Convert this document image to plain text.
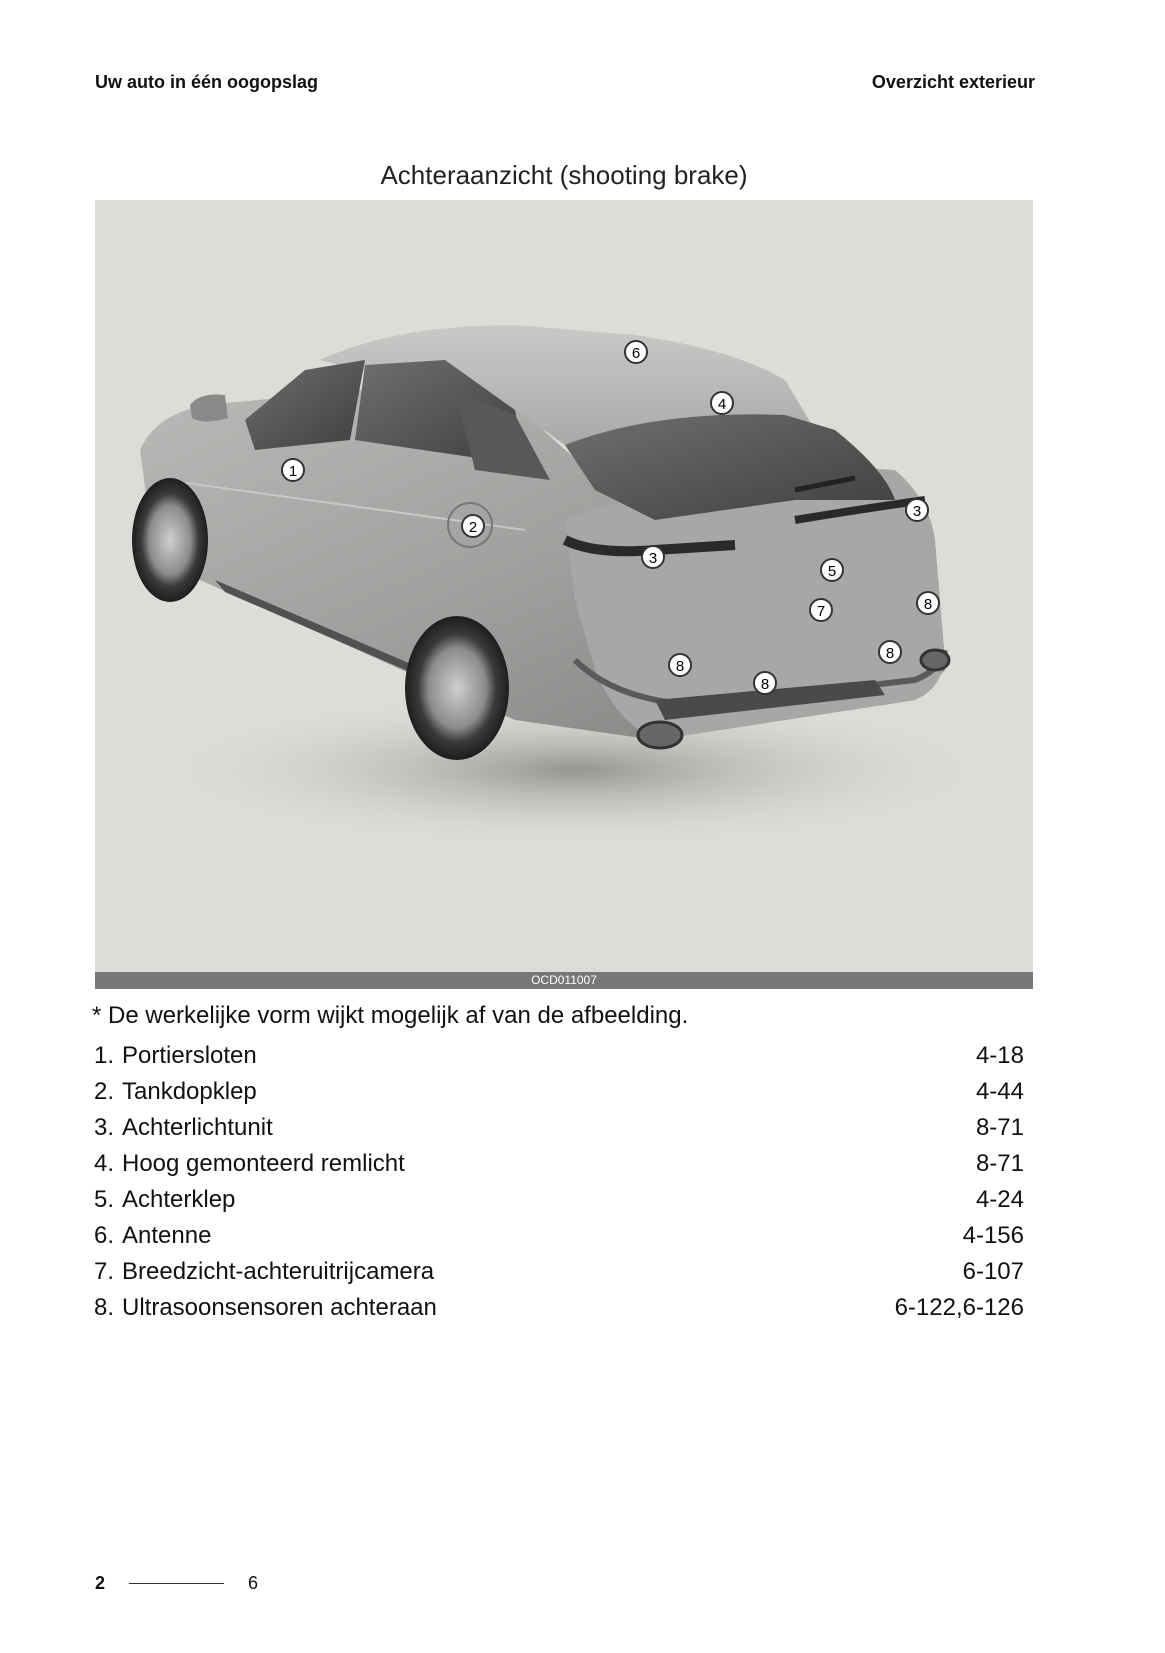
Uw auto in één oogopslag	Overzicht exterieur
Achteraanzicht (shooting brake)
1
2
3
3
4
5
6
7	8
8
8
8
OCD011007
* De werkelijke vorm wijkt mogelijk af van de afbeelding.
1. Portiersloten	4-18
2. Tankdopklep	4-44
3. Achterlichtunit	8-71
4. Hoog gemonteerd remlicht	8-71
5. Achterklep	4-24
6. Antenne	4-156
7. Breedzicht-achteruitrijcamera	6-107
8. Ultrasoonsensoren achteraan	6-122,6-126
2	6
